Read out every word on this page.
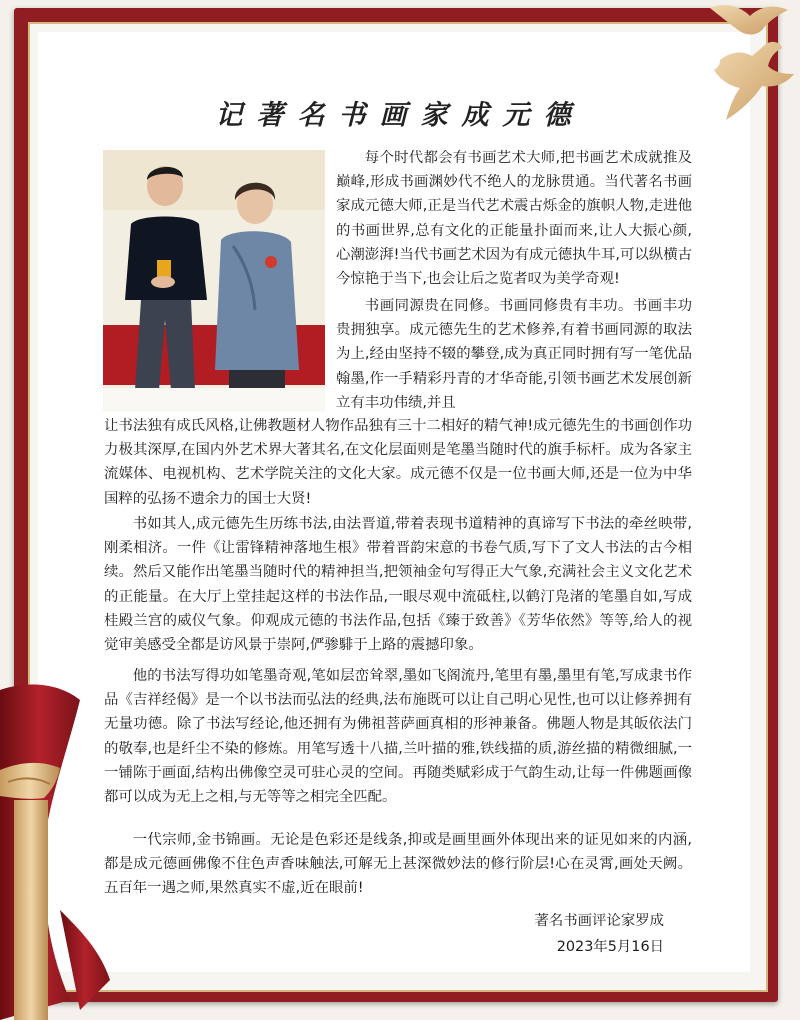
记著名书画家成元德
每个时代都会有书画艺术大师,把书画艺术成就推及巅峰,形成书画渊妙代不绝人的龙脉贯通。当代著名书画家成元德大师,正是当代艺术震古烁金的旗帜人物,走进他的书画世界,总有文化的正能量扑面而来,让人大振心颜,心潮澎湃!当代书画艺术因为有成元德执牛耳,可以纵横古今惊艳于当下,也会让后之览者叹为美学奇观!
书画同源贵在同修。书画同修贵有丰功。书画丰功贵拥独享。成元德先生的艺术修养,有着书画同源的取法为上,经由坚持不辍的攀登,成为真正同时拥有写一笔优品翰墨,作一手精彩丹青的才华奇能,引领书画艺术发展创新立有丰功伟绩,并且
让书法独有成氏风格,让佛教题材人物作品独有三十二相好的精气神!成元德先生的书画创作功力极其深厚,在国内外艺术界大著其名,在文化层面则是笔墨当随时代的旗手标杆。成为各家主流媒体、电视机构、艺术学院关注的文化大家。成元德不仅是一位书画大师,还是一位为中华国粹的弘扬不遗余力的国士大贤!
书如其人,成元德先生历练书法,由法晋道,带着表现书道精神的真谛写下书法的牵丝映带,刚柔相济。一件《让雷锋精神落地生根》带着晋韵宋意的书卷气质,写下了文人书法的古今相续。然后又能作出笔墨当随时代的精神担当,把领袖金句写得正大气象,充满社会主义文化艺术的正能量。在大厅上堂挂起这样的书法作品,一眼尽观中流砥柱,以鹤汀凫渚的笔墨自如,写成桂殿兰宫的威仪气象。仰观成元德的书法作品,包括《臻于致善》《芳华依然》等等,给人的视觉审美感受全都是访风景于崇阿,俨骖騑于上路的震撼印象。
他的书法写得功如笔墨奇观,笔如层峦耸翠,墨如飞阁流丹,笔里有墨,墨里有笔,写成隶书作品《吉祥经偈》是一个以书法而弘法的经典,法布施既可以让自己明心见性,也可以让修养拥有无量功德。除了书法写经论,他还拥有为佛祖菩萨画真相的形神兼备。佛题人物是其皈依法门的敬奉,也是纤尘不染的修炼。用笔写透十八描,兰叶描的雅,铁线描的质,游丝描的精微细腻,一一铺陈于画面,结构出佛像空灵可驻心灵的空间。再随类赋彩成于气韵生动,让每一件佛题画像都可以成为无上之相,与无等等之相完全匹配。
一代宗师,金书锦画。无论是色彩还是线条,抑或是画里画外体现出来的证见如来的内涵,都是成元德画佛像不住色声香味触法,可解无上甚深微妙法的修行阶层!心在灵霄,画处天阙。五百年一遇之师,果然真实不虚,近在眼前!
著名书画评论家罗成
2023年5月16日
